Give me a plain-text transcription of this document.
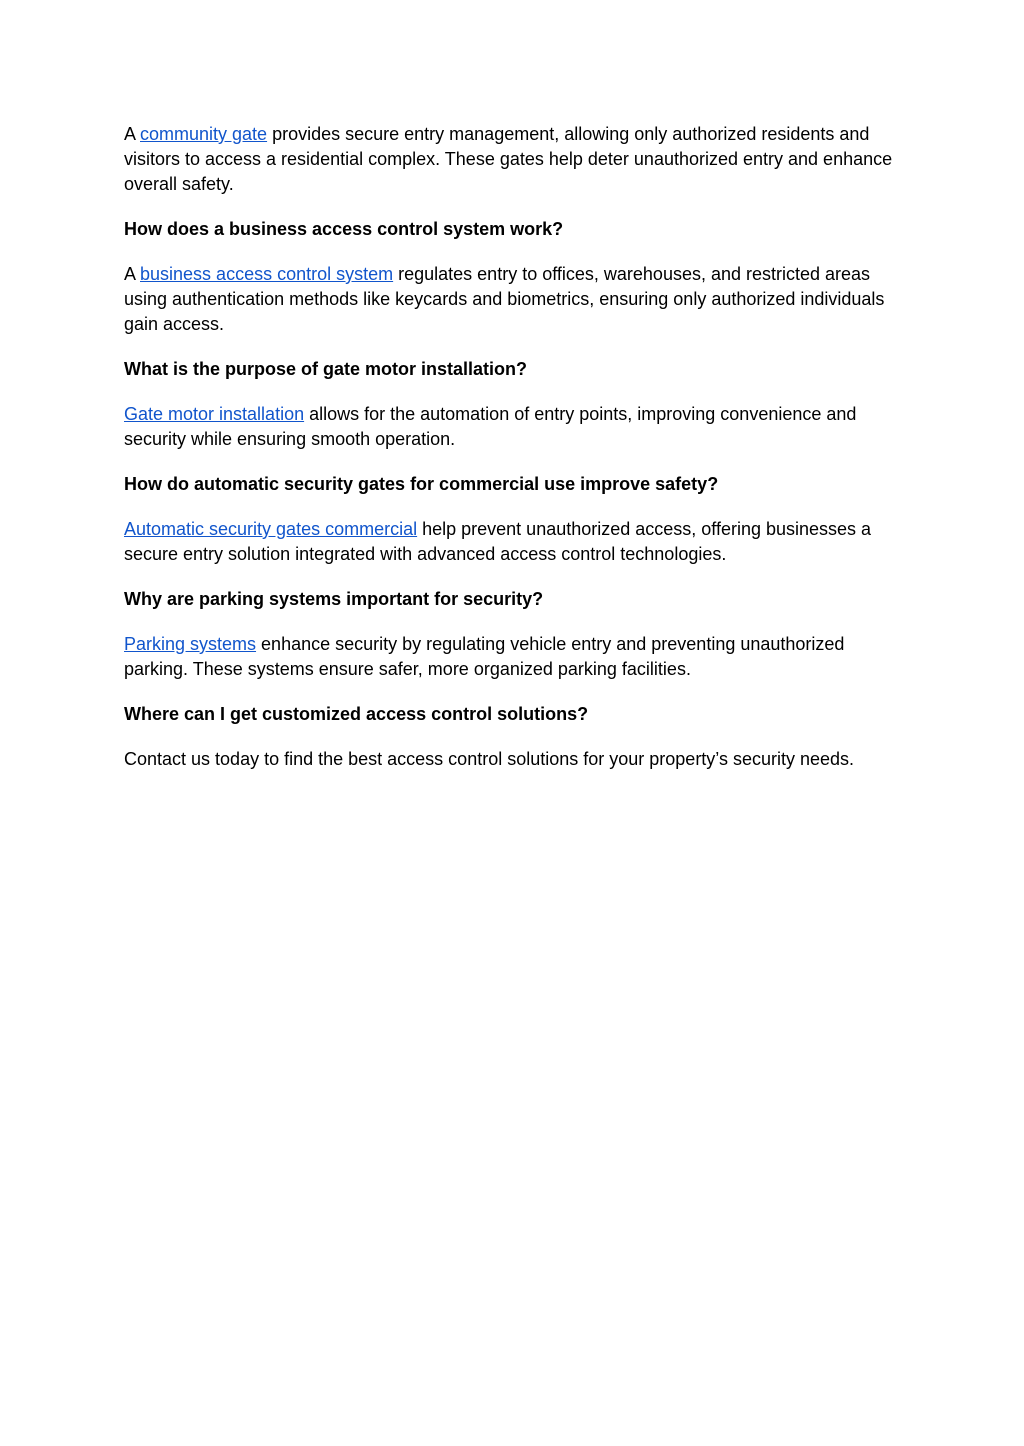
A community gate provides secure entry management, allowing only authorized residents and visitors to access a residential complex. These gates help deter unauthorized entry and enhance overall safety.

How does a business access control system work?

A business access control system regulates entry to offices, warehouses, and restricted areas using authentication methods like keycards and biometrics, ensuring only authorized individuals gain access.

What is the purpose of gate motor installation?

Gate motor installation allows for the automation of entry points, improving convenience and security while ensuring smooth operation.

How do automatic security gates for commercial use improve safety?

Automatic security gates commercial help prevent unauthorized access, offering businesses a secure entry solution integrated with advanced access control technologies.

Why are parking systems important for security?

Parking systems enhance security by regulating vehicle entry and preventing unauthorized parking. These systems ensure safer, more organized parking facilities.

Where can I get customized access control solutions?

Contact us today to find the best access control solutions for your property’s security needs.
